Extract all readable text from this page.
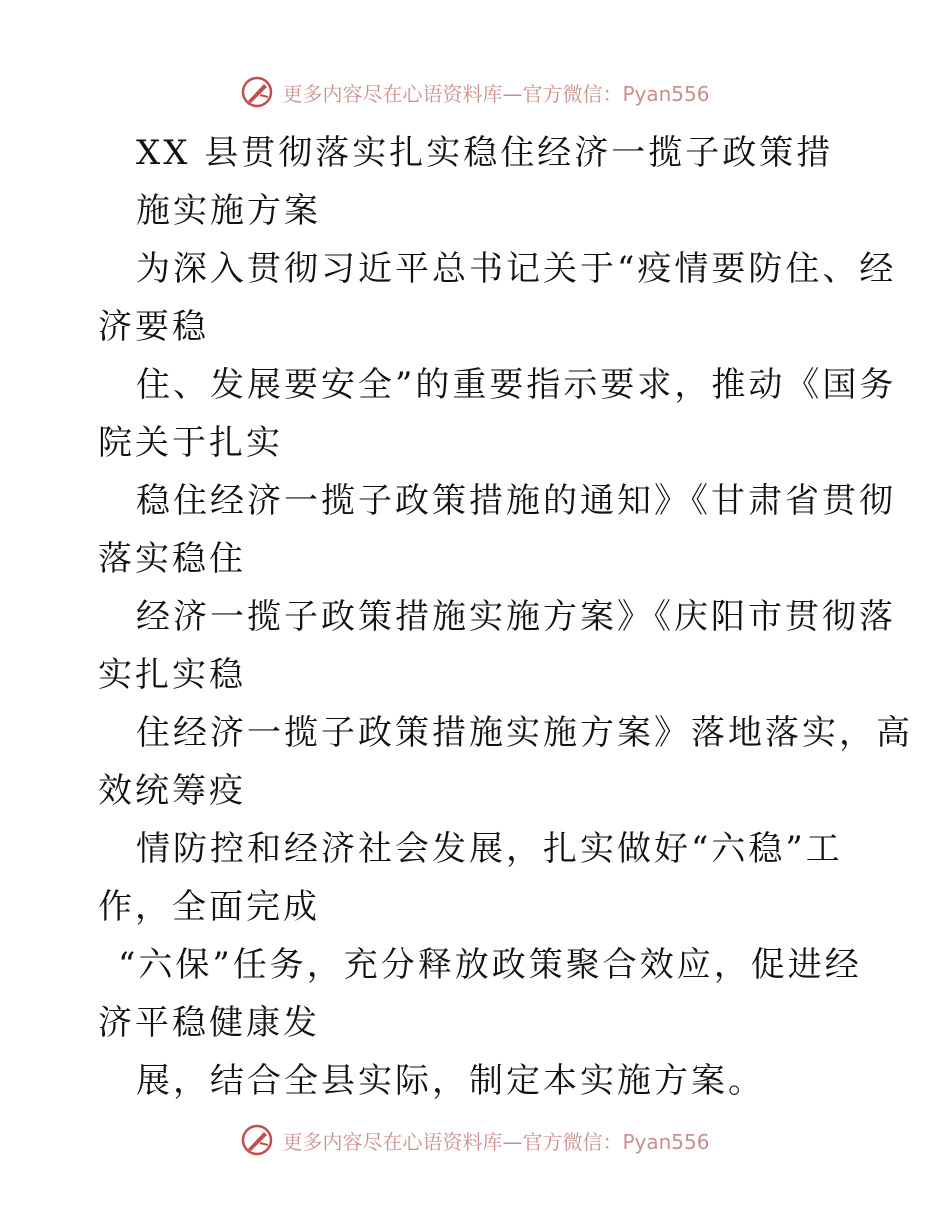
更多内容尽在心语资料库—官方微信：Pyan556
XX 县贯彻落实扎实稳住经济一揽子政策措
施实施方案
为深入贯彻习近平总书记关于“疫情要防住、经
济要稳
住、发展要安全”的重要指示要求，推动《国务
院关于扎实
稳住经济一揽子政策措施的通知》《甘肃省贯彻
落实稳住
经济一揽子政策措施实施方案》《庆阳市贯彻落
实扎实稳
住经济一揽子政策措施实施方案》落地落实，高
效统筹疫
情防控和经济社会发展，扎实做好“六稳”工
作，全面完成
“六保”任务，充分释放政策聚合效应，促进经
济平稳健康发
展，结合全县实际，制定本实施方案。
更多内容尽在心语资料库—官方微信：Pyan556
